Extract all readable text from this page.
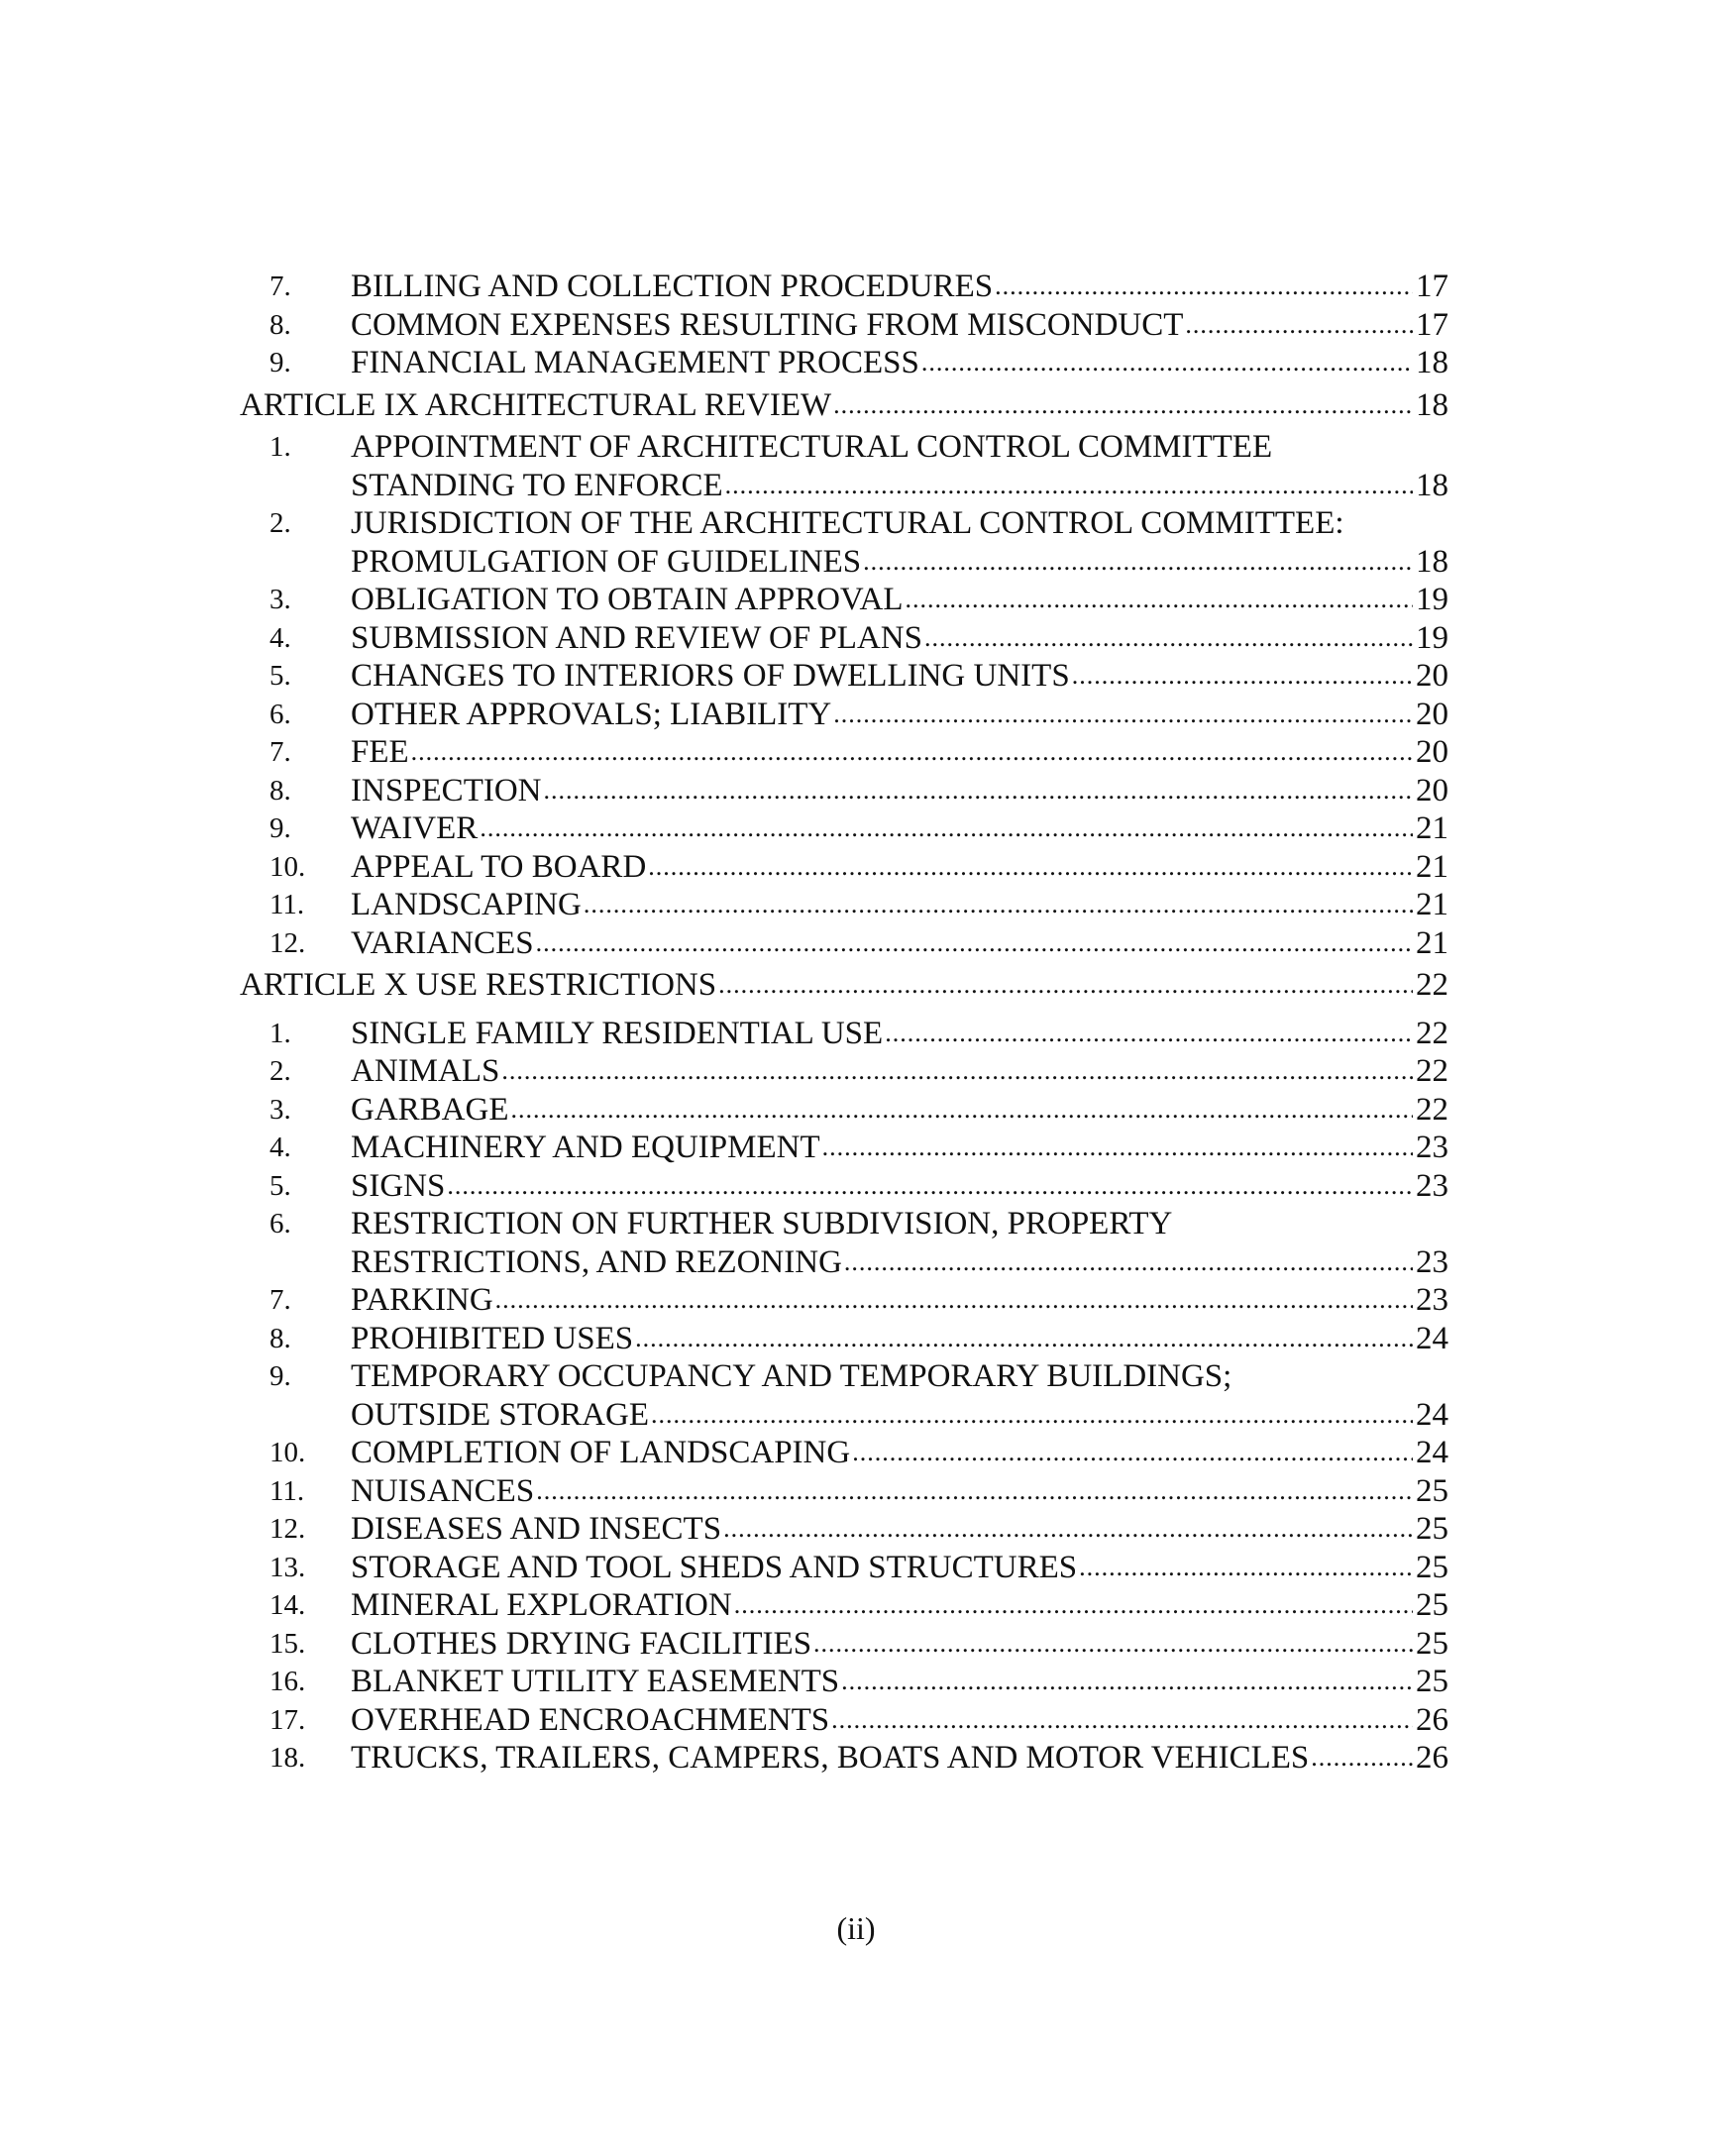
7.	BILLING AND COLLECTION PROCEDURES .....	17
8.	COMMON EXPENSES RESULTING FROM MISCONDUCT .....	17
9.	FINANCIAL MANAGEMENT PROCESS .....	18
ARTICLE IX ARCHITECTURAL REVIEW .....	18
1.	APPOINTMENT OF ARCHITECTURAL CONTROL COMMITTEE
STANDING TO ENFORCE .....	18
2.	JURISDICTION OF THE ARCHITECTURAL CONTROL COMMITTEE:
PROMULGATION OF GUIDELINES .....	18
3.	OBLIGATION TO OBTAIN APPROVAL .....	19
4.	SUBMISSION AND REVIEW OF PLANS .....	19
5.	CHANGES TO INTERIORS OF DWELLING UNITS .....	20
6.	OTHER APPROVALS; LIABILITY .....	20
7.	FEE .....	20
8.	INSPECTION .....	20
9.	WAIVER .....	21
10.	APPEAL TO BOARD .....	21
11.	LANDSCAPING .....	21
12.	VARIANCES .....	21
ARTICLE X USE RESTRICTIONS .....	22
1.	SINGLE FAMILY RESIDENTIAL USE .....	22
2.	ANIMALS .....	22
3.	GARBAGE .....	22
4.	MACHINERY AND EQUIPMENT .....	23
5.	SIGNS .....	23
6.	RESTRICTION ON FURTHER SUBDIVISION, PROPERTY
RESTRICTIONS, AND REZONING .....	23
7.	PARKING .....	23
8.	PROHIBITED USES .....	24
9.	TEMPORARY OCCUPANCY AND TEMPORARY BUILDINGS;
OUTSIDE STORAGE .....	24
10.	COMPLETION OF LANDSCAPING .....	24
11.	NUISANCES .....	25
12.	DISEASES AND INSECTS .....	25
13.	STORAGE AND TOOL SHEDS AND STRUCTURES .....	25
14.	MINERAL EXPLORATION .....	25
15.	CLOTHES DRYING FACILITIES .....	25
16.	BLANKET UTILITY EASEMENTS .....	25
17.	OVERHEAD ENCROACHMENTS .....	26
18.	TRUCKS, TRAILERS, CAMPERS, BOATS AND MOTOR VEHICLES .....	26
(ii)
